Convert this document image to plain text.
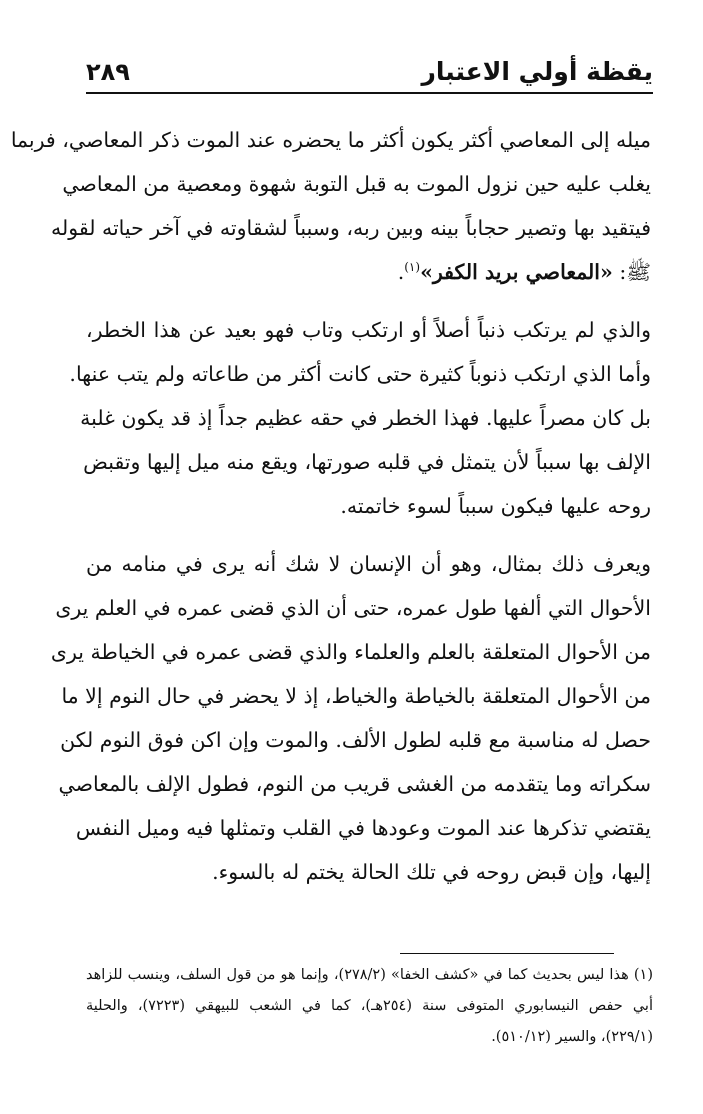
يقظة أولي الاعتبار
٢٨٩
ميله إلى المعاصي أكثر يكون أكثر ما يحضره عند الموت ذكر المعاصي، فربما
يغلب عليه حين نزول الموت به قبل التوبة شهوة ومعصية من المعاصي
فيتقيد بها وتصير حجاباً بينه وبين ربه، وسبباً لشقاوته في آخر حياته لقوله
ﷺ: «المعاصي بريد الكفر»$^{(١)}$.
والذي لم يرتكب ذنباً أصلاً أو ارتكب وتاب فهو بعيد عن هذا الخطر،
وأما الذي ارتكب ذنوباً كثيرة حتى كانت أكثر من طاعاته ولم يتب عنها.
بل كان مصراً عليها. فهذا الخطر في حقه عظيم جداً إذ قد يكون غلبة
الإلف بها سبباً لأن يتمثل في قلبه صورتها، ويقع منه ميل إليها وتقبض
روحه عليها فيكون سبباً لسوء خاتمته.
ويعرف ذلك بمثال، وهو أن الإنسان لا شك أنه يرى في منامه من
الأحوال التي ألفها طول عمره، حتى أن الذي قضى عمره في العلم يرى
من الأحوال المتعلقة بالعلم والعلماء والذي قضى عمره في الخياطة يرى
من الأحوال المتعلقة بالخياطة والخياط، إذ لا يحضر في حال النوم إلا ما
حصل له مناسبة مع قلبه لطول الألف. والموت وإن اكن فوق النوم لكن
سكراته وما يتقدمه من الغشى قريب من النوم، فطول الإلف بالمعاصي
يقتضي تذكرها عند الموت وعودها في القلب وتمثلها فيه وميل النفس
إليها، وإن قبض روحه في تلك الحالة يختم له بالسوء.
(١) هذا ليس بحديث كما في «كشف الخفا» (٢٧٨/٢)، وإنما هو من قول السلف، وينسب للزاهد
أبي حفص النيسابوري المتوفى سنة (٢٥٤هـ)، كما في الشعب للبيهقي (٧٢٢٣)، والحلية
(٢٢٩/١)، والسير (٥١٠/١٢).
